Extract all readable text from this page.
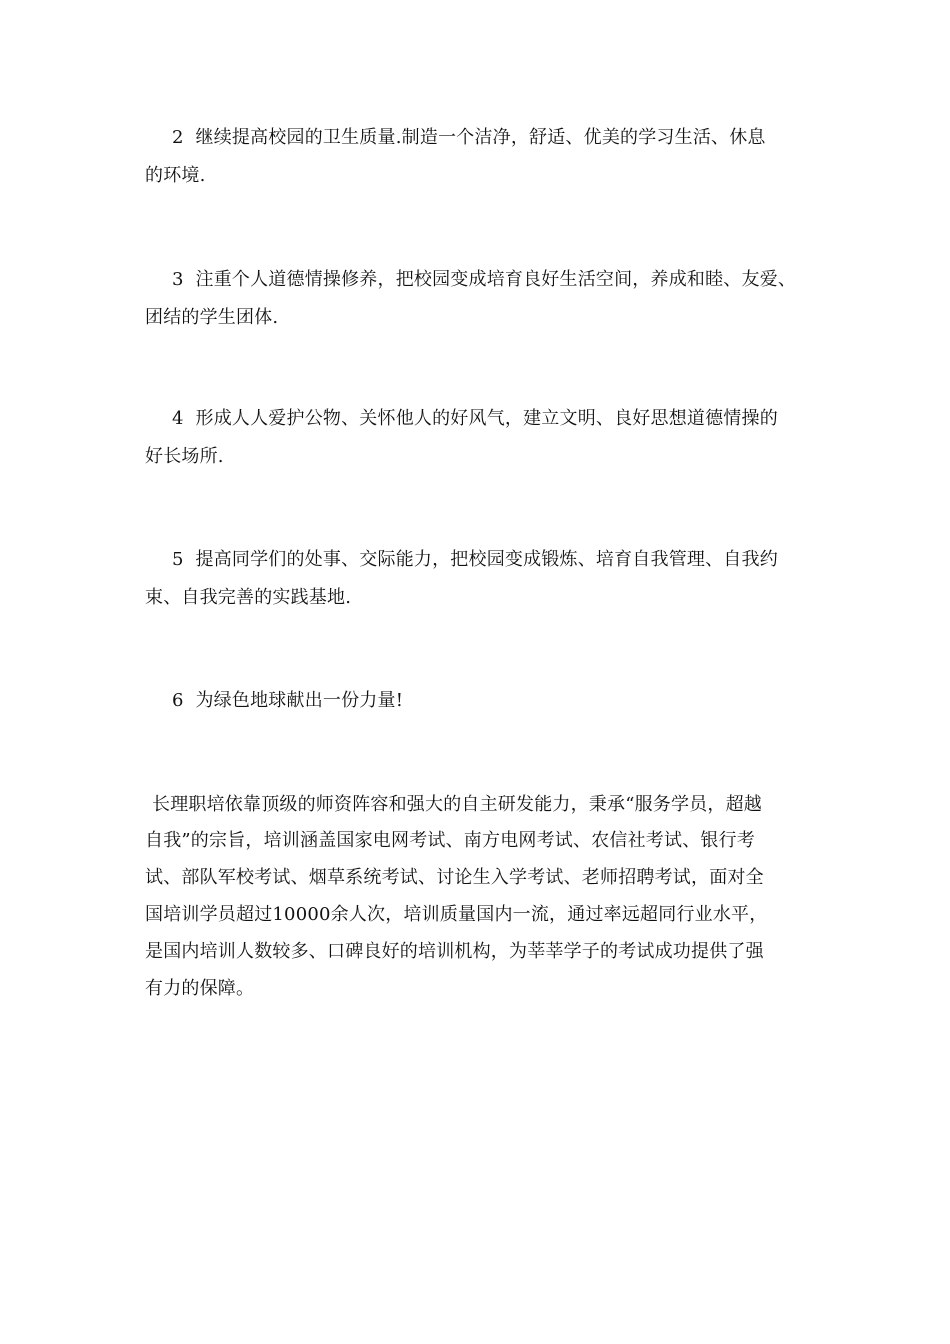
2 继续提高校园的卫生质量.制造一个洁净，舒适、优美的学习生活、休息
的环境.
3 注重个人道德情操修养，把校园变成培育良好生活空间，养成和睦、友爱、
团结的学生团体.
4 形成人人爱护公物、关怀他人的好风气，建立文明、良好思想道德情操的
好长场所.
5 提高同学们的处事、交际能力，把校园变成锻炼、培育自我管理、自我约
束、自我完善的实践基地.
6 为绿色地球献出一份力量!
长理职培依靠顶级的师资阵容和强大的自主研发能力，秉承“服务学员，超越
自我”的宗旨，培训涵盖国家电网考试、南方电网考试、农信社考试、银行考
试、部队军校考试、烟草系统考试、讨论生入学考试、老师招聘考试，面对全
国培训学员超过10000余人次，培训质量国内一流，通过率远超同行业水平，
是国内培训人数较多、口碑良好的培训机构，为莘莘学子的考试成功提供了强
有力的保障。
